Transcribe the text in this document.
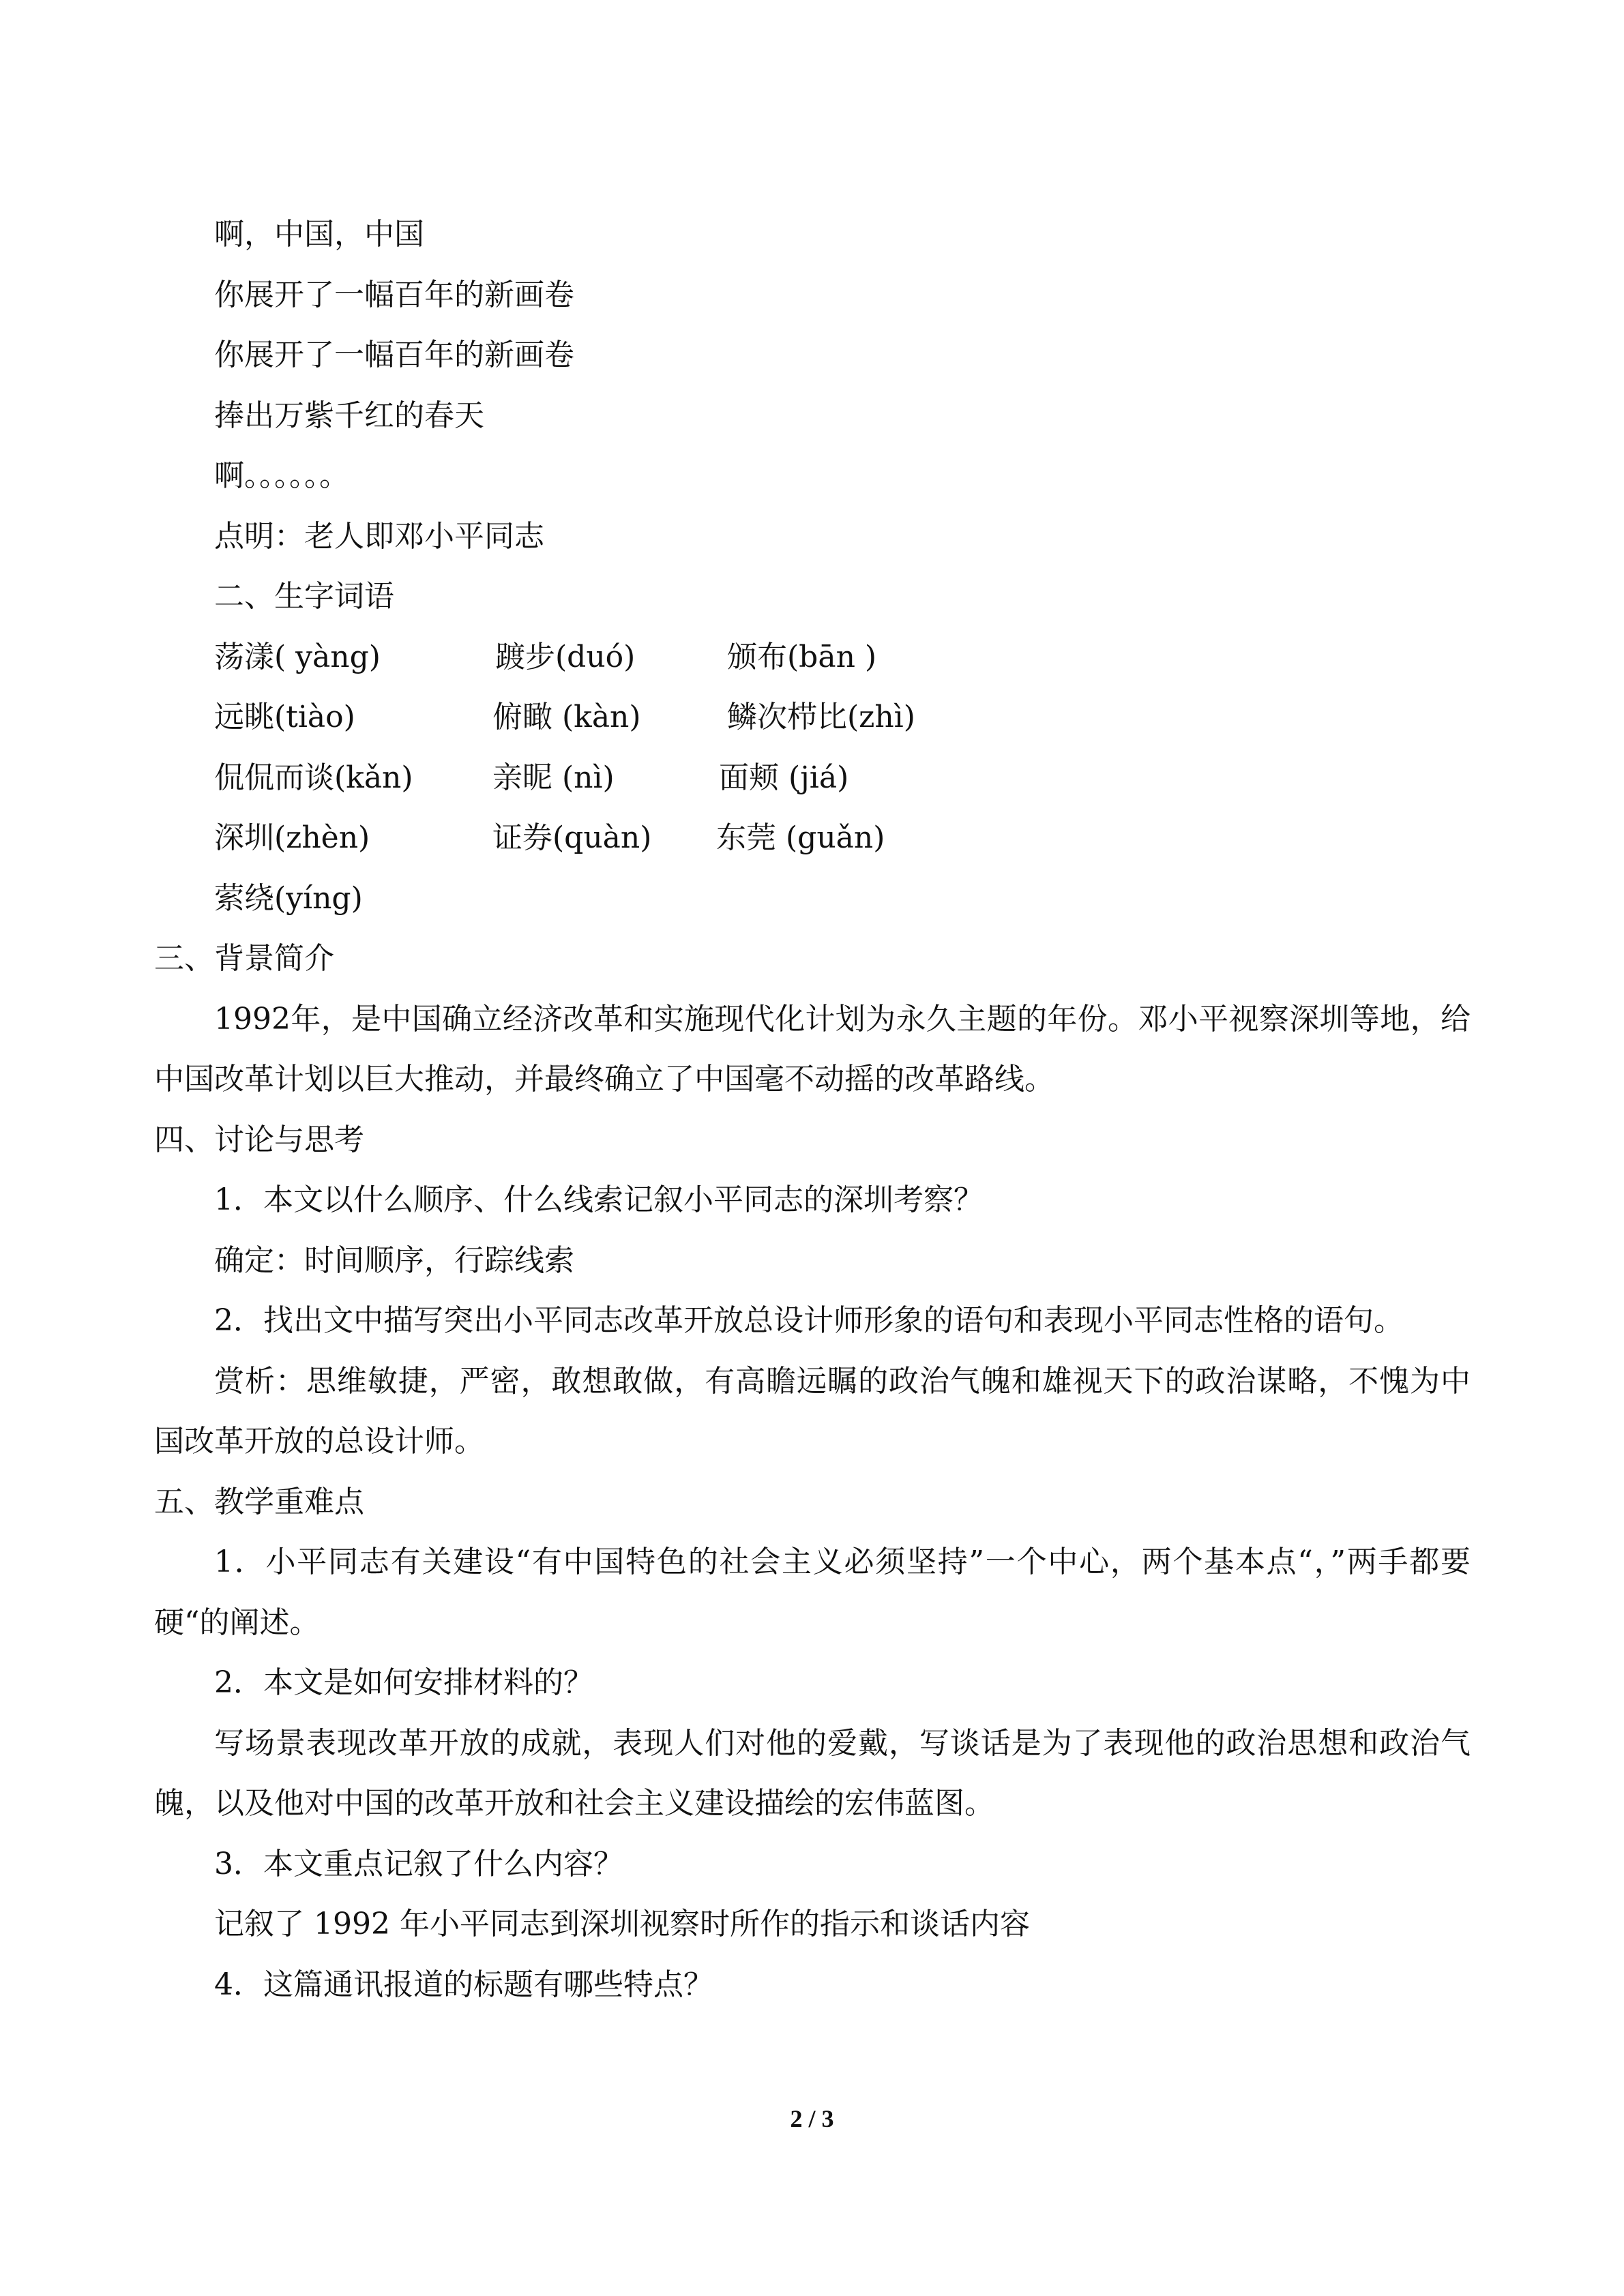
啊，中国，中国
你展开了一幅百年的新画卷
你展开了一幅百年的新画卷
捧出万紫千红的春天
啊。。。。。。
点明：老人即邓小平同志
二、生字词语
荡漾( yàng)	踱步(duó)	颁布(bān )
远眺(tiào)	俯瞰 (kàn)	鳞次栉比(zhì)
侃侃而谈(kǎn)	亲昵 (nì)	面颊 (jiá)
深圳(zhèn)	证券(quàn) 东莞 (guǎn)
萦绕(yíng)
三、背景简介
1992年，是中国确立经济改革和实施现代化计划为永久主题的年份。邓小平视察深圳等地，给中国改革计划以巨大推动，并最终确立了中国毫不动摇的改革路线。
四、讨论与思考
1．本文以什么顺序、什么线索记叙小平同志的深圳考察？
确定：时间顺序，行踪线索
2．找出文中描写突出小平同志改革开放总设计师形象的语句和表现小平同志性格的语句。
赏析：思维敏捷，严密，敢想敢做，有高瞻远瞩的政治气魄和雄视天下的政治谋略，不愧为中国改革开放的总设计师。
五、教学重难点
1．小平同志有关建设“有中国特色的社会主义必须坚持”一个中心，两个基本点“，”两手都要硬“的阐述。
2．本文是如何安排材料的？
写场景表现改革开放的成就，表现人们对他的爱戴，写谈话是为了表现他的政治思想和政治气魄，以及他对中国的改革开放和社会主义建设描绘的宏伟蓝图。
3．本文重点记叙了什么内容？
记叙了 1992 年小平同志到深圳视察时所作的指示和谈话内容
4．这篇通讯报道的标题有哪些特点？
2 / 3
